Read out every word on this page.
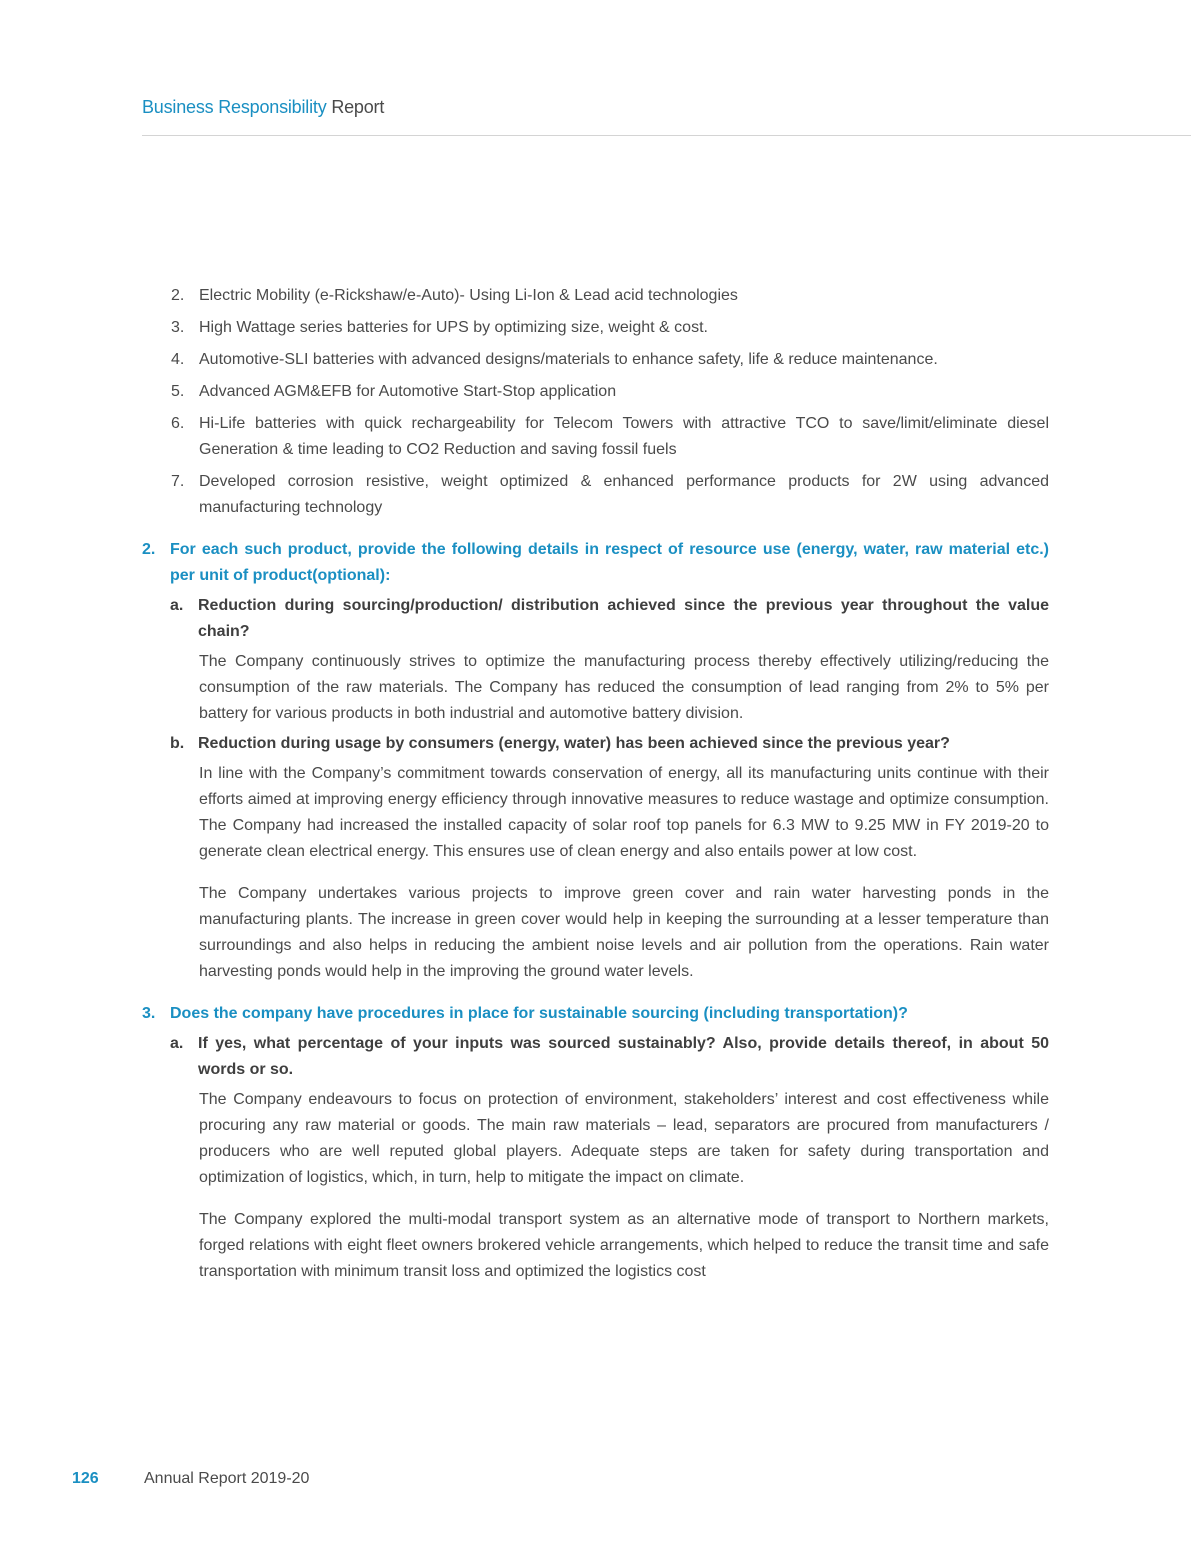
Business Responsibility Report
2. Electric Mobility (e-Rickshaw/e-Auto)- Using Li-Ion & Lead acid technologies
3. High Wattage series batteries for UPS by optimizing size, weight & cost.
4. Automotive-SLI batteries with advanced designs/materials to enhance safety, life & reduce maintenance.
5. Advanced AGM&EFB for Automotive Start-Stop application
6. Hi-Life batteries with quick rechargeability for Telecom Towers with attractive TCO to save/limit/eliminate diesel Generation & time leading to CO2 Reduction and saving fossil fuels
7. Developed corrosion resistive, weight optimized & enhanced performance products for 2W using advanced manufacturing technology
2. For each such product, provide the following details in respect of resource use (energy, water, raw material etc.) per unit of product(optional):
a. Reduction during sourcing/production/ distribution achieved since the previous year throughout the value chain?
The Company continuously strives to optimize the manufacturing process thereby effectively utilizing/reducing the consumption of the raw materials. The Company has reduced the consumption of lead ranging from 2% to 5% per battery for various products in both industrial and automotive battery division.
b. Reduction during usage by consumers (energy, water) has been achieved since the previous year?
In line with the Company’s commitment towards conservation of energy, all its manufacturing units continue with their efforts aimed at improving energy efficiency through innovative measures to reduce wastage and optimize consumption. The Company had increased the installed capacity of solar roof top panels for 6.3 MW to 9.25 MW in FY 2019-20 to generate clean electrical energy. This ensures use of clean energy and also entails power at low cost.
The Company undertakes various projects to improve green cover and rain water harvesting ponds in the manufacturing plants. The increase in green cover would help in keeping the surrounding at a lesser temperature than surroundings and also helps in reducing the ambient noise levels and air pollution from the operations. Rain water harvesting ponds would help in the improving the ground water levels.
3. Does the company have procedures in place for sustainable sourcing (including transportation)?
a. If yes, what percentage of your inputs was sourced sustainably? Also, provide details thereof, in about 50 words or so.
The Company endeavours to focus on protection of environment, stakeholders’ interest and cost effectiveness while procuring any raw material or goods. The main raw materials – lead, separators are procured from manufacturers / producers who are well reputed global players. Adequate steps are taken for safety during transportation and optimization of logistics, which, in turn, help to mitigate the impact on climate.
The Company explored the multi-modal transport system as an alternative mode of transport to Northern markets, forged relations with eight fleet owners brokered vehicle arrangements, which helped to reduce the transit time and safe transportation with minimum transit loss and optimized the logistics cost
126	Annual Report 2019-20
